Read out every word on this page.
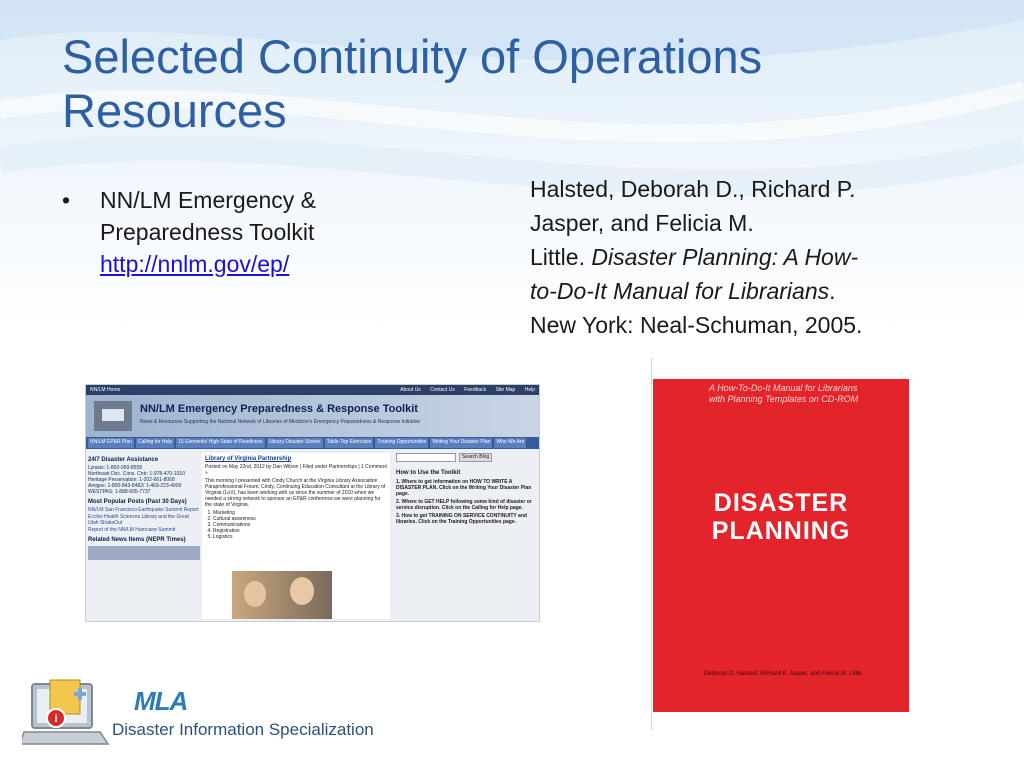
Selected Continuity of Operations
Resources
• NN/LM Emergency &
Preparedness Toolkit
http://nnlm.gov/ep/
Halsted, Deborah D., Richard P.
Jasper, and Felicia M.
Little. Disaster Planning: A How-
to-Do-It Manual for Librarians.
New York: Neal-Schuman, 2005.
NN/LM Home	About Us Contact Us Feedback Site Map Help
NN/LM Emergency Preparedness & Response Toolkit
News & Resources Supporting the National Network of Libraries of Medicine's Emergency Preparedness & Response Initiative
NN/LM EP&R Plan	Calling for Help	15 Elements/ High State of Readiness	Library Disaster Stories	Table-Top Exercises	Training Opportunities	Writing Your Disaster Plan	Who We Are
24/7 Disaster Assistance
Lyrasis: 1-800-999-8558
Northeast Doc. Cons. Cntr: 1-978-470-1010
Heritage Preservation: 1-202-661-8068
Amigos: 1-800-843-8482/ 1-469-223-4900
WESTPAS: 1-888-905-7737
Most Popular Posts (Past 30 Days)
NN/LM San Francisco Earthquake Summit Report
Eccles Health Sciences Library and the Great Utah ShakeOut
Report of the NN/LM Hurricane Summit
Related News Items (NEPR Times)
Library of Virginia Partnership

Posted on May 22nd, 2012 by Dan Wilson | Filed under Partnerships | 1 Comment »

This morning I presented with Cindy Church at the Virginia Library Association Paraprofessional Forum. Cindy, Continuing Education Consultant at the Library of Virginia (LoV), has been working with us since the summer of 2010 when we needed a strong network to sponsor an EP&R conference we were planning for the state of Virginia.

1. Marketing
2. Cultural awareness
3. Communications
4. Registration
5. Logistics
Search Blog
How to Use the Toolkit

1. Where to get information on HOW TO WRITE A DISASTER PLAN. Click on the Writing Your Disaster Plan page.

2. Where to GET HELP following some kind of disaster or service disruption. Click on the Calling for Help page.

3. How to get TRAINING ON SERVICE CONTINUITY and libraries. Click on the Training Opportunities page.

A How-To-Do-It Manual for Librarians
with Planning Templates on CD-ROM
DISASTER
PLANNING
Deborah D. Halsted, Richard P. Jasper, and Felicia M. Little
i
MLA
Disaster Information Specialization
